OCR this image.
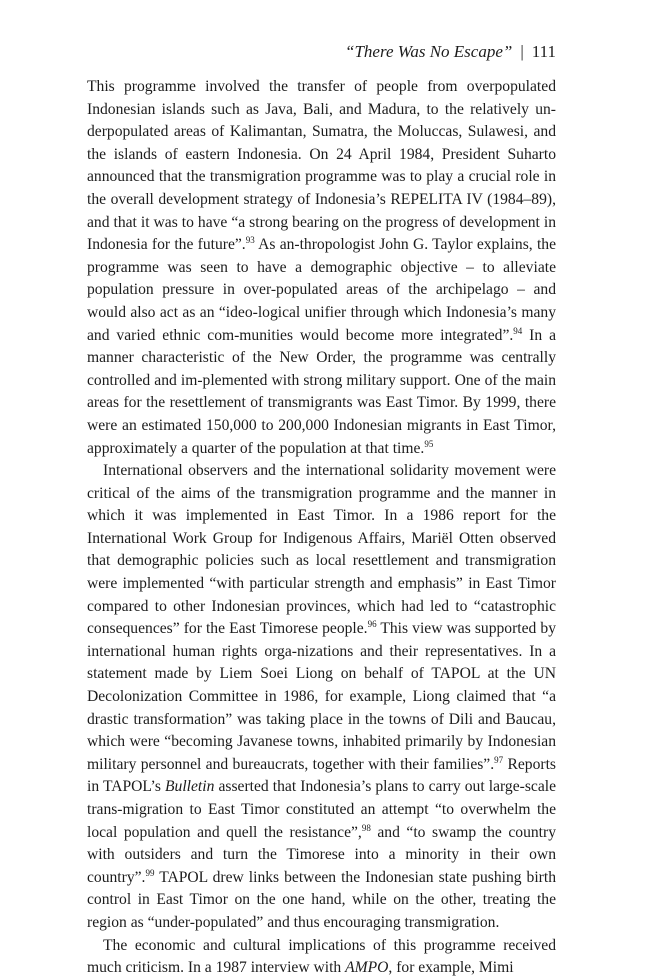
“There Was No Escape” | 111

This programme involved the transfer of people from overpopulated Indonesian islands such as Java, Bali, and Madura, to the relatively un-derpopulated areas of Kalimantan, Sumatra, the Moluccas, Sulawesi, and the islands of eastern Indonesia. On 24 April 1984, President Suharto announced that the transmigration programme was to play a crucial role in the overall development strategy of Indonesia’s REPELITA IV (1984–89), and that it was to have “a strong bearing on the progress of development in Indonesia for the future”.$^{93}$ As an-thropologist John G. Taylor explains, the programme was seen to have a demographic objective – to alleviate population pressure in over-populated areas of the archipelago – and would also act as an “ideo-logical unifier through which Indonesia’s many and varied ethnic com-munities would become more integrated”.$^{94}$ In a manner characteristic of the New Order, the programme was centrally controlled and im-plemented with strong military support. One of the main areas for the resettlement of transmigrants was East Timor. By 1999, there were an estimated 150,000 to 200,000 Indonesian migrants in East Timor, approximately a quarter of the population at that time.$^{95}$

International observers and the international solidarity movement were critical of the aims of the transmigration programme and the manner in which it was implemented in East Timor. In a 1986 report for the International Work Group for Indigenous Affairs, Mariël Otten observed that demographic policies such as local resettlement and transmigration were implemented “with particular strength and emphasis” in East Timor compared to other Indonesian provinces, which had led to “catastrophic consequences” for the East Timorese people.$^{96}$ This view was supported by international human rights orga-nizations and their representatives. In a statement made by Liem Soei Liong on behalf of TAPOL at the UN Decolonization Committee in 1986, for example, Liong claimed that “a drastic transformation” was taking place in the towns of Dili and Baucau, which were “becoming Javanese towns, inhabited primarily by Indonesian military personnel and bureaucrats, together with their families”.$^{97}$ Reports in TAPOL’s Bulletin asserted that Indonesia’s plans to carry out large-scale trans-migration to East Timor constituted an attempt “to overwhelm the local population and quell the resistance”,$^{98}$ and “to swamp the country with outsiders and turn the Timorese into a minority in their own country”.$^{99}$ TAPOL drew links between the Indonesian state pushing birth control in East Timor on the one hand, while on the other, treating the region as “under-populated” and thus encouraging transmigration.

The economic and cultural implications of this programme received much criticism. In a 1987 interview with AMPO, for example, Mimi
